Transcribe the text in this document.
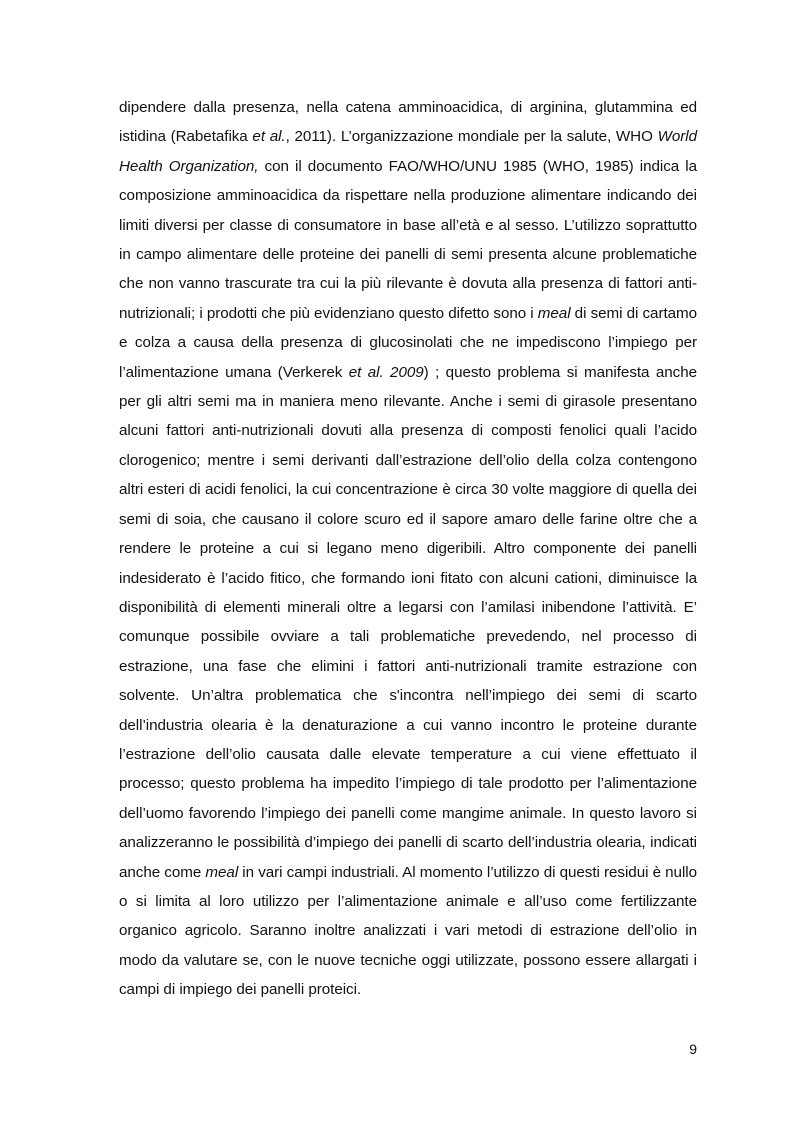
dipendere dalla presenza, nella catena amminoacidica, di arginina, glutammina ed istidina (Rabetafika et al., 2011). L’organizzazione mondiale per la salute, WHO World Health Organization, con il documento FAO/WHO/UNU 1985 (WHO, 1985) indica la composizione amminoacidica da rispettare nella produzione alimentare indicando dei limiti diversi per classe di consumatore in base all’età e al sesso. L’utilizzo soprattutto in campo alimentare delle proteine dei panelli di semi presenta alcune problematiche che non vanno trascurate tra cui la più rilevante è dovuta alla presenza di fattori anti-nutrizionali; i prodotti che più evidenziano questo difetto sono i meal di semi di cartamo e colza a causa della presenza di glucosinolati che ne impediscono l’impiego per l’alimentazione umana (Verkerek et al. 2009) ; questo problema si manifesta anche per gli altri semi ma in maniera meno rilevante. Anche i semi di girasole presentano alcuni fattori anti-nutrizionali dovuti alla presenza di composti fenolici quali l’acido clorogenico; mentre i semi derivanti dall’estrazione dell’olio della colza contengono altri esteri di acidi fenolici, la cui concentrazione è circa 30 volte maggiore di quella dei semi di soia, che causano il colore scuro ed il sapore amaro delle farine oltre che a rendere le proteine a cui si legano meno digeribili. Altro componente dei panelli indesiderato è l’acido fitico, che formando ioni fitato con alcuni cationi, diminuisce la disponibilità di elementi minerali oltre a legarsi con l’amilasi inibendone l’attività. E’ comunque possibile ovviare a tali problematiche prevedendo, nel processo di estrazione, una fase che elimini i fattori anti-nutrizionali tramite estrazione con solvente. Un’altra problematica che s'incontra nell’impiego dei semi di scarto dell’industria olearia è la denaturazione a cui vanno incontro le proteine durante l’estrazione dell’olio causata dalle elevate temperature a cui viene effettuato il processo; questo problema ha impedito l’impiego di tale prodotto per l’alimentazione dell’uomo favorendo l’impiego dei panelli come mangime animale. In questo lavoro si analizzeranno le possibilità d’impiego dei panelli di scarto dell’industria olearia, indicati anche come meal in vari campi industriali. Al momento l’utilizzo di questi residui è nullo o si limita al loro utilizzo per l’alimentazione animale e all’uso come fertilizzante organico agricolo. Saranno inoltre analizzati i vari metodi di estrazione dell’olio in modo da valutare se, con le nuove tecniche oggi utilizzate, possono essere allargati i campi di impiego dei panelli proteici.

9
